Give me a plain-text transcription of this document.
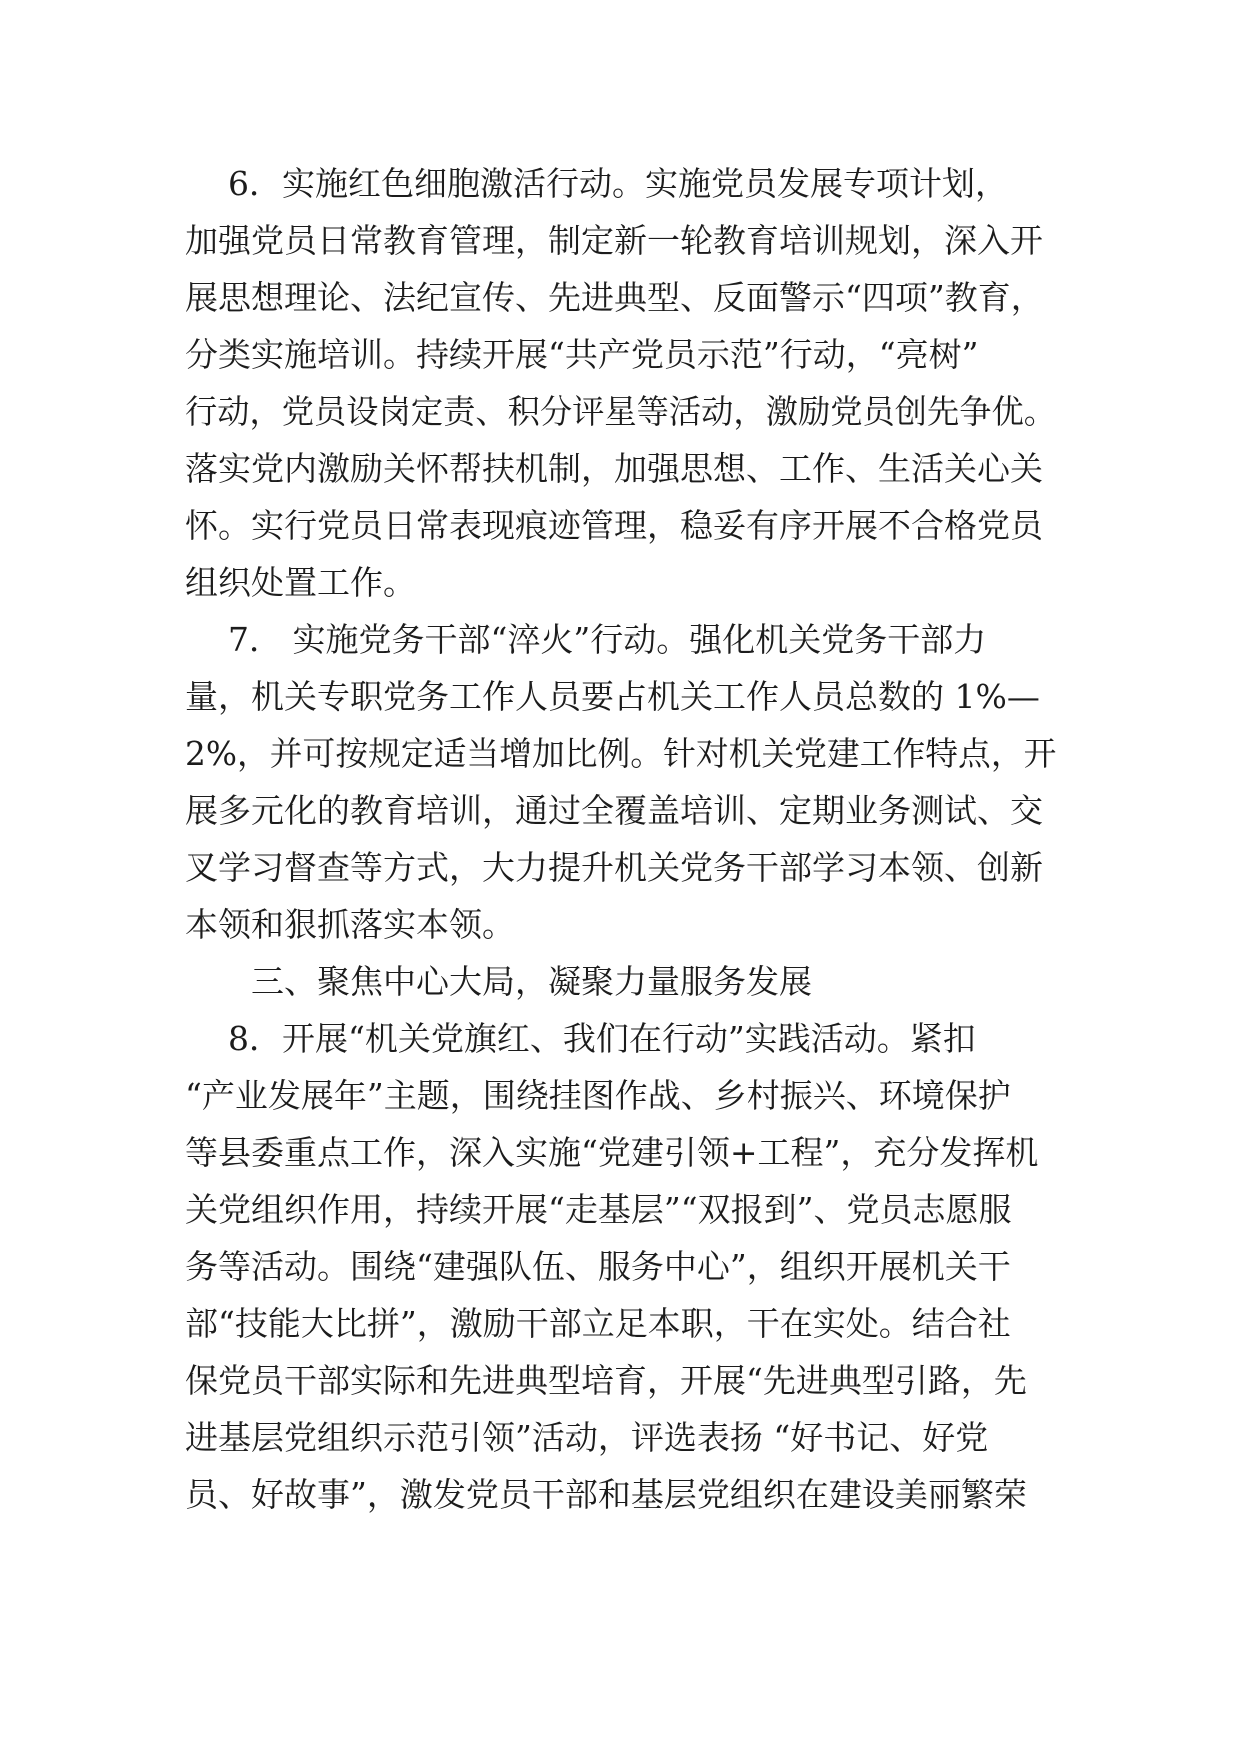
6．实施红色细胞激活行动。实施党员发展专项计划，
加强党员日常教育管理，制定新一轮教育培训规划，深入开
展思想理论、法纪宣传、先进典型、反面警示“四项”教育，
分类实施培训。持续开展“共产党员示范”行动，“亮树”
行动，党员设岗定责、积分评星等活动，激励党员创先争优。
落实党内激励关怀帮扶机制，加强思想、工作、生活关心关
怀。实行党员日常表现痕迹管理，稳妥有序开展不合格党员
组织处置工作。
7． 实施党务干部“淬火”行动。强化机关党务干部力
量，机关专职党务工作人员要占机关工作人员总数的 1%—
2%，并可按规定适当增加比例。针对机关党建工作特点，开
展多元化的教育培训，通过全覆盖培训、定期业务测试、交
叉学习督查等方式，大力提升机关党务干部学习本领、创新
本领和狠抓落实本领。
三、聚焦中心大局，凝聚力量服务发展
8．开展“机关党旗红、我们在行动”实践活动。紧扣
“产业发展年”主题，围绕挂图作战、乡村振兴、环境保护
等县委重点工作，深入实施“党建引领+工程”，充分发挥机
关党组织作用，持续开展“走基层”“双报到”、党员志愿服
务等活动。围绕“建强队伍、服务中心”，组织开展机关干
部“技能大比拼”，激励干部立足本职，干在实处。结合社
保党员干部实际和先进典型培育，开展“先进典型引路，先
进基层党组织示范引领”活动，评选表扬 “好书记、好党
员、好故事”，激发党员干部和基层党组织在建设美丽繁荣
